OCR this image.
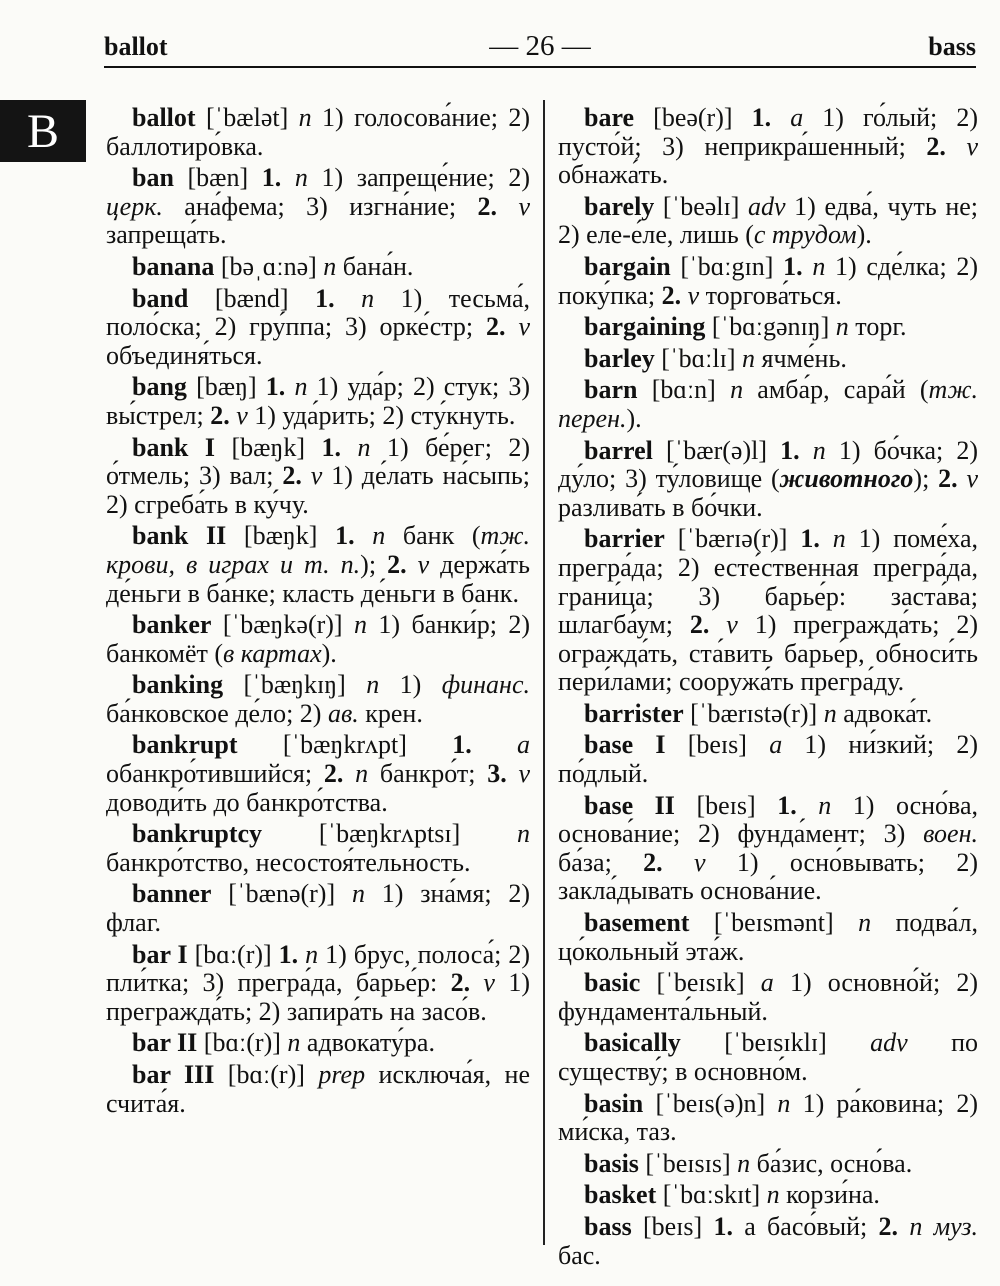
ballot	— 26 —	bass
B	ballot [ˈbælət] n 1) голосова́ние; 2) баллотиро́вка.

ban [bæn] 1. n 1) запреще́ние; 2) церк. ана́фема; 3) изгна́ние; 2. v запреща́ть.

banana [bəˌɑːnə] n бана́н.

band [bænd] 1. n 1) тесьма́, поло́ска; 2) гру́ппа; 3) орке́стр; 2. v объединя́ться.

bang [bæŋ] 1. n 1) уда́р; 2) стук; 3) вы́стрел; 2. v 1) уда́рить; 2) сту́кнуть.

bank I [bæŋk] 1. n 1) бе́рег; 2) о́тмель; 3) вал; 2. v 1) де́лать на́сыпь; 2) сгреба́ть в ку́чу.

bank II [bæŋk] 1. n банк (тж. крови, в играх и т. п.); 2. v держа́ть де́ньги в ба́нке; класть де́ньги в банк.

banker [ˈbæŋkə(r)] n 1) банки́р; 2) банкомёт (в картах).

banking [ˈbæŋkɪŋ] n 1) финанс. ба́нковское де́ло; 2) ав. крен.

bankrupt [ˈbæŋkrʌpt] 1. a обанкро́тившийся; 2. n банкро́т; 3. v доводи́ть до банкро́тства.

bankruptcy [ˈbæŋkrʌptsɪ] n банкро́тство, несостоя́тельность.

banner [ˈbænə(r)] n 1) зна́мя; 2) флаг.

bar I [bɑː(r)] 1. n 1) брус, полоса́; 2) пли́тка; 3) прегра́да, барье́р: 2. v 1) прегражда́ть; 2) запира́ть на засо́в.

bar II [bɑː(r)] n адвокату́ра.

bar III [bɑː(r)] prep исключа́я, не счита́я.

bare [beə(r)] 1. a 1) го́лый; 2) пусто́й; 3) неприкра́шенный; 2. v обнажа́ть.

barely [ˈbeəlɪ] adv 1) едва́, чуть не; 2) еле-е́ле, лишь (с трудом).

bargain [ˈbɑːgɪn] 1. n 1) сде́лка; 2) поку́пка; 2. v торгова́ться.

bargaining [ˈbɑːgənɪŋ] n торг.

barley [ˈbɑːlɪ] n ячме́нь.

barn [bɑːn] n амба́р, сара́й (тж. перен.).

barrel [ˈbær(ə)l] 1. n 1) бо́чка; 2) ду́ло; 3) ту́ловище (животного); 2. v разлива́ть в бо́чки.

barrier [ˈbærɪə(r)] 1. n 1) поме́ха, прегра́да; 2) есте́ственная прегра́да, грани́ца; 3) барье́р: заста́ва; шлагба́ум; 2. v 1) прегражда́ть; 2) огражда́ть, ста́вить барье́р, обноси́ть пери́лами; сооружа́ть прегра́ду.

barrister [ˈbærɪstə(r)] n адвока́т.

base I [beɪs] a 1) ни́зкий; 2) по́длый.

base II [beɪs] 1. n 1) осно́ва, основа́ние; 2) фунда́мент; 3) воен. ба́за; 2. v 1) осно́вывать; 2) закла́дывать основа́ние.

basement [ˈbeɪsmənt] n подва́л, цо́кольный эта́ж.

basic [ˈbeɪsɪk] a 1) основно́й; 2) фундамента́льный.

basically [ˈbeɪsɪklɪ] adv по существу́; в основно́м.

basin [ˈbeɪs(ə)n] n 1) ра́ковина; 2) ми́ска, таз.

basis [ˈbeɪsɪs] n ба́зис, осно́ва.

basket [ˈbɑːskɪt] n корзи́на.

bass [beɪs] 1. а басо́вый; 2. n муз. бас.
